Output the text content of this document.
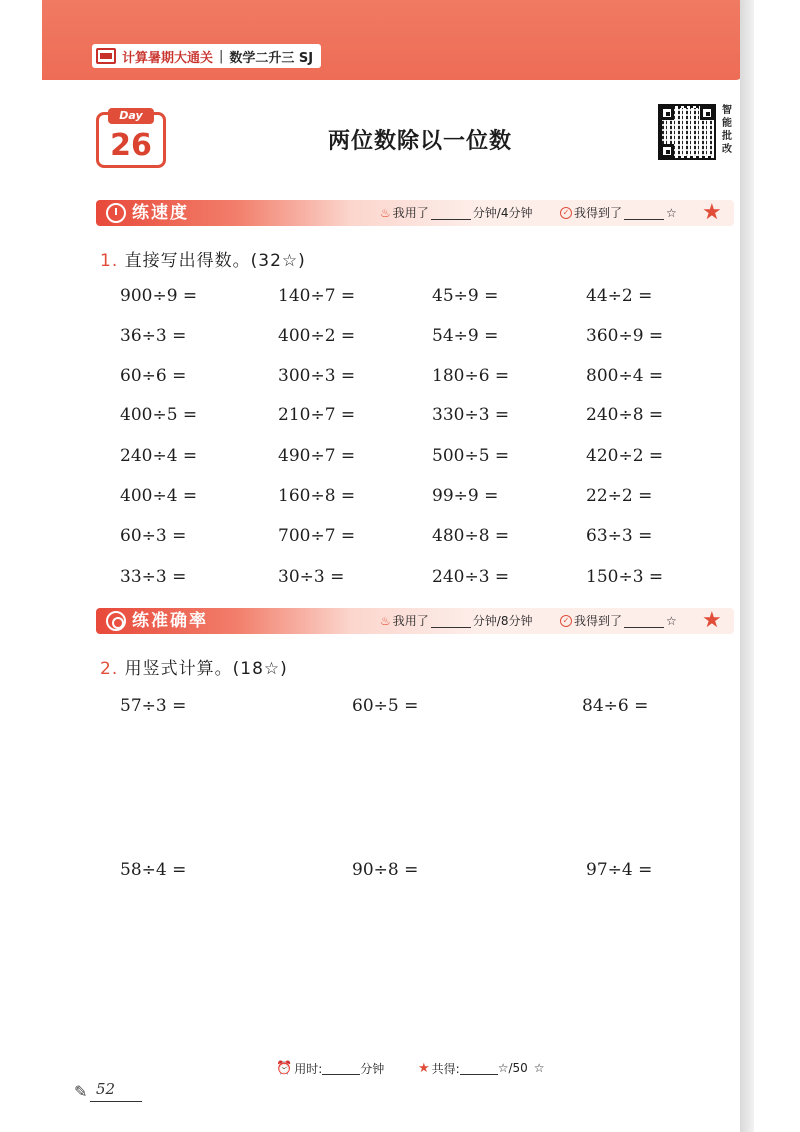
计算暑期大通关 | 数学二升三 SJ
Day
26	两位数除以一位数
智能批改
练速度	♨ 我用了	分钟/4分钟	✓ 我得到了	☆ ★
1. 直接写出得数。(32☆)
900÷9 =	140÷7 =	45÷9 =	44÷2 =
36÷3 =	400÷2 =	54÷9 =	360÷9 =
60÷6 =	300÷3 =	180÷6 =	800÷4 =
400÷5 =	210÷7 =	330÷3 =	240÷8 =
240÷4 =	490÷7 =	500÷5 =	420÷2 =
400÷4 =	160÷8 =	99÷9 =	22÷2 =
60÷3 =	700÷7 =	480÷8 =	63÷3 =
33÷3 =	30÷3 =	240÷3 =	150÷3 =
练准确率	♨ 我用了	分钟/8分钟	✓ 我得到了	☆ ★
2. 用竖式计算。(18☆)
57÷3 =	60÷5 =	84÷6 =
58÷4 =	90÷8 =	97÷4 =
⏰ 用时:	分钟	★ 共得:	☆/50 ☆
✎ 52
